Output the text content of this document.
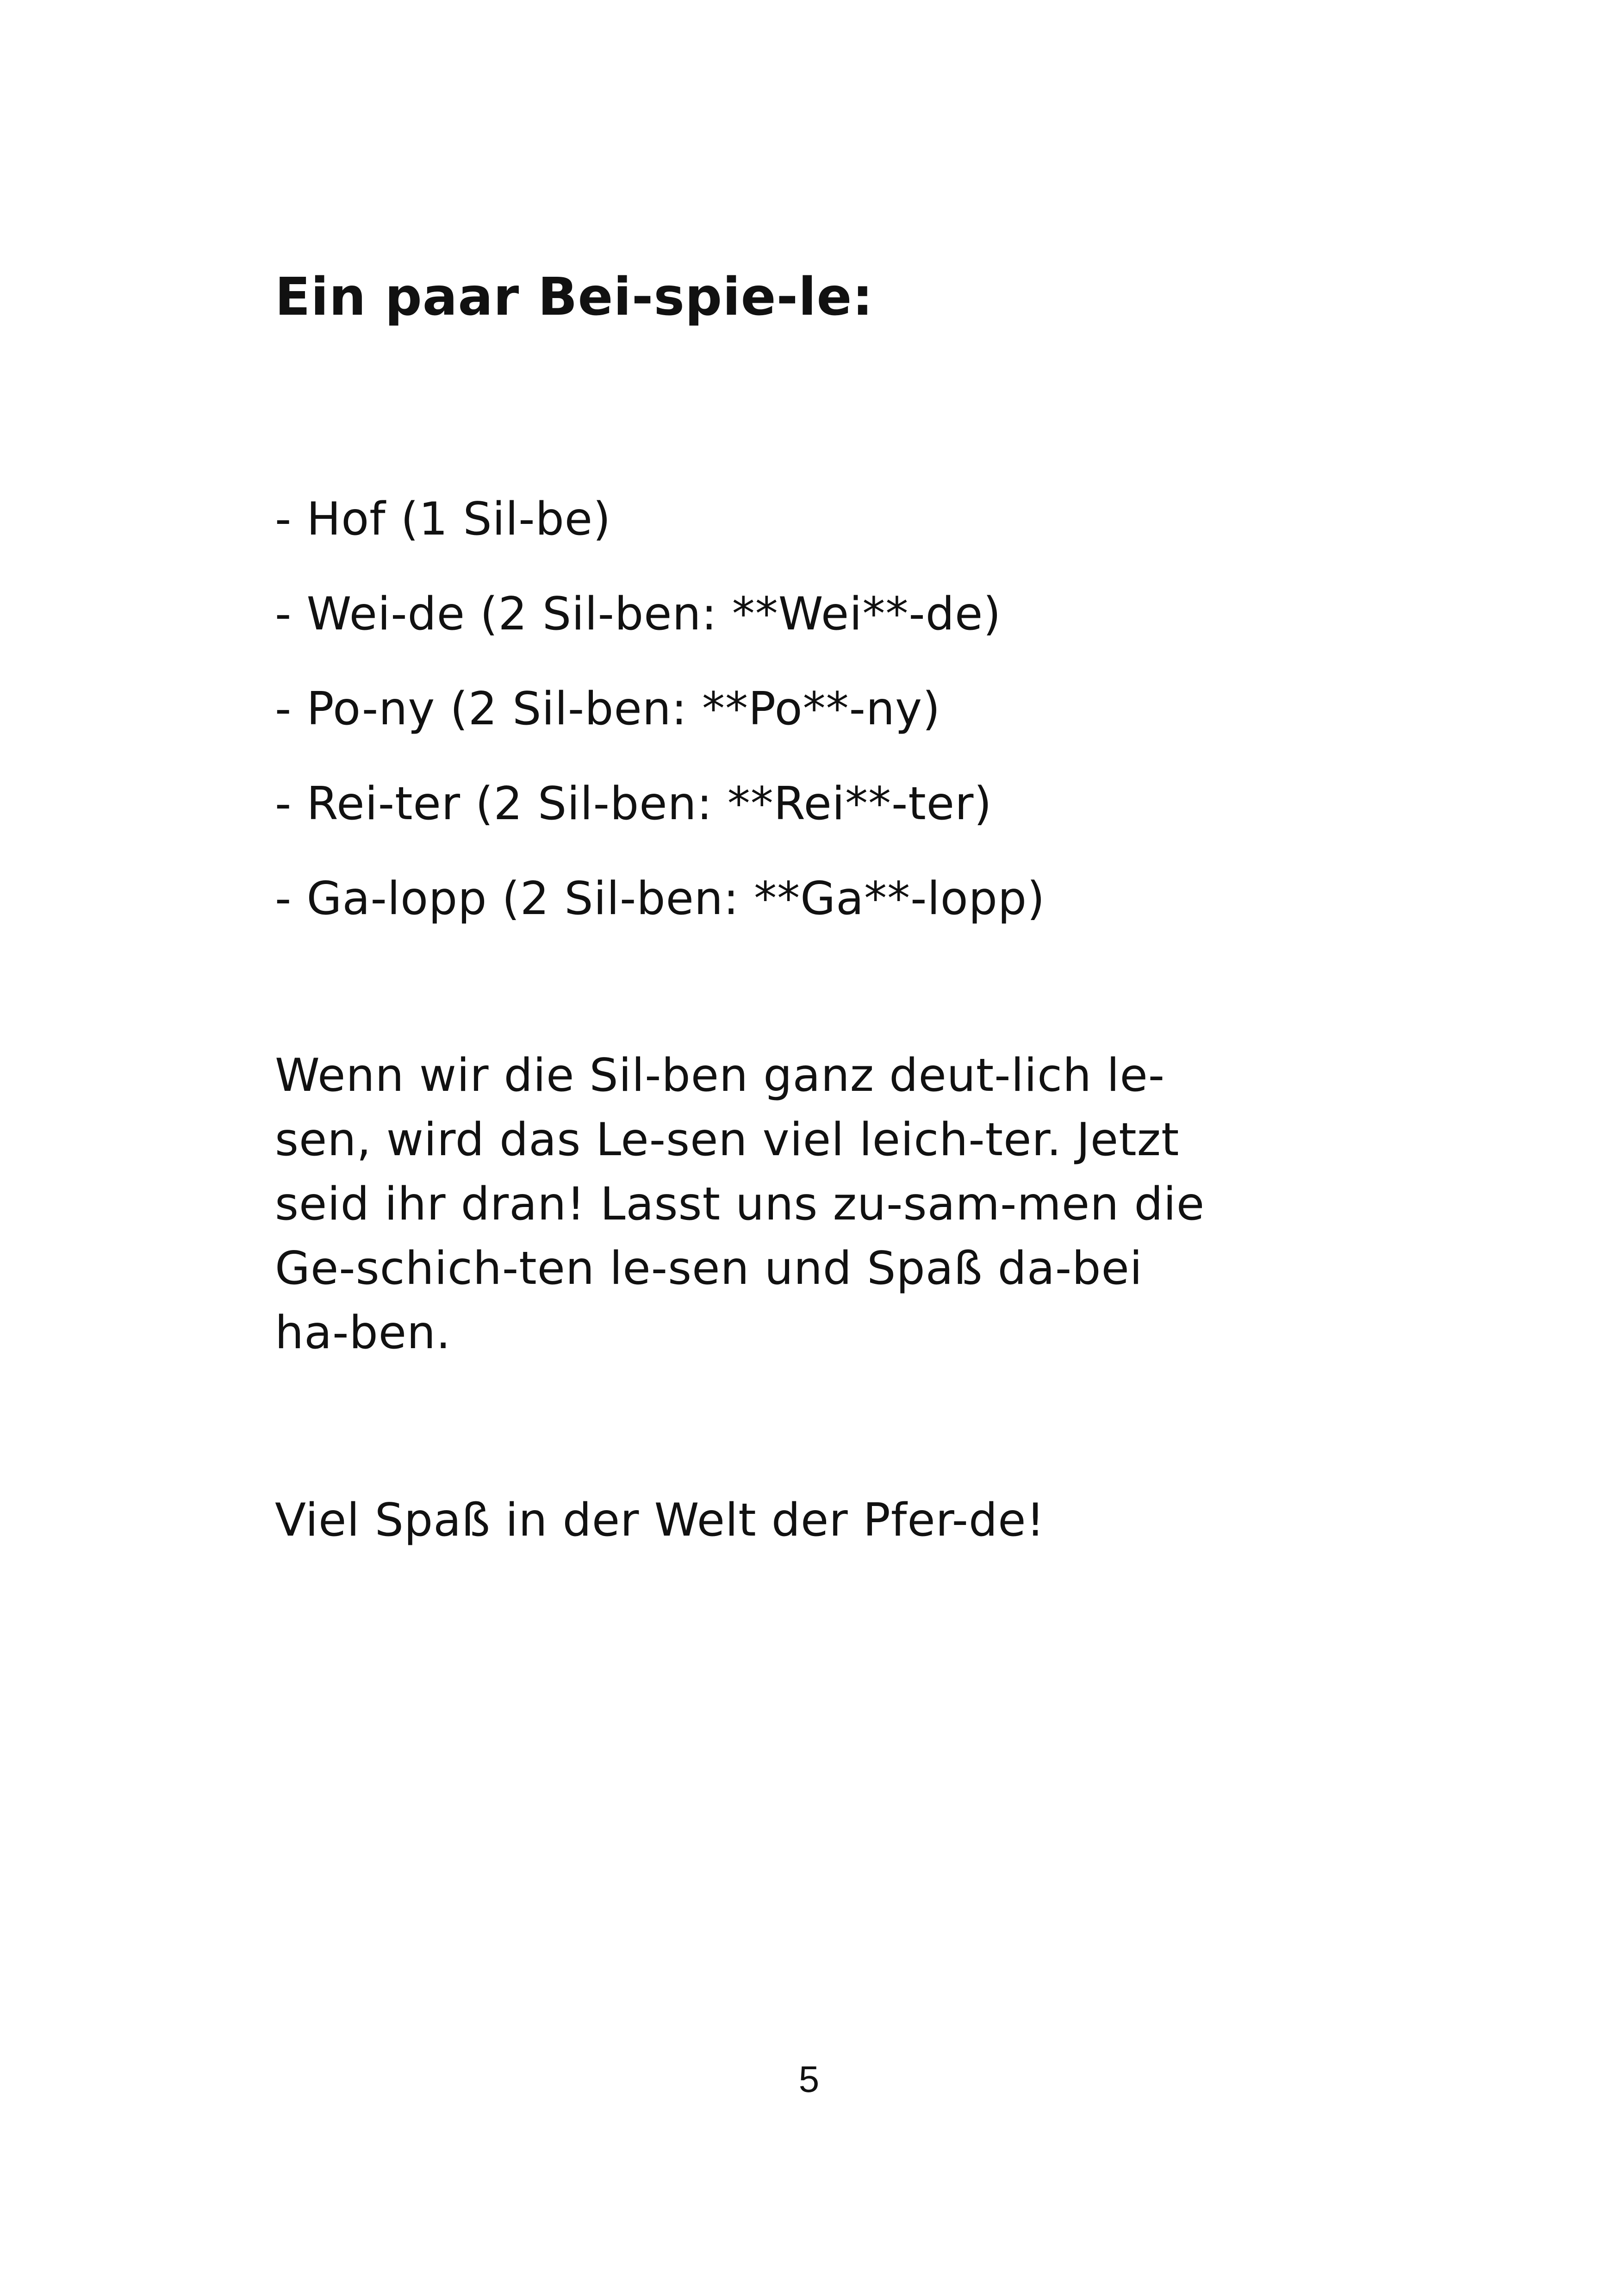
Ein paar Bei-spie-le:
- Hof (1 Sil-be)
- Wei-de (2 Sil-ben: **Wei**-de)
- Po-ny (2 Sil-ben: **Po**-ny)
- Rei-ter (2 Sil-ben: **Rei**-ter)
- Ga-lopp (2 Sil-ben: **Ga**-lopp)

Wenn wir die Sil-ben ganz deut-lich le-
sen, wird das Le-sen viel leich-ter. Jetzt
seid ihr dran! Lasst uns zu-sam-men die
Ge-schich-ten le-sen und Spaß da-bei
ha-ben.

Viel Spaß in der Welt der Pfer-de!

5
